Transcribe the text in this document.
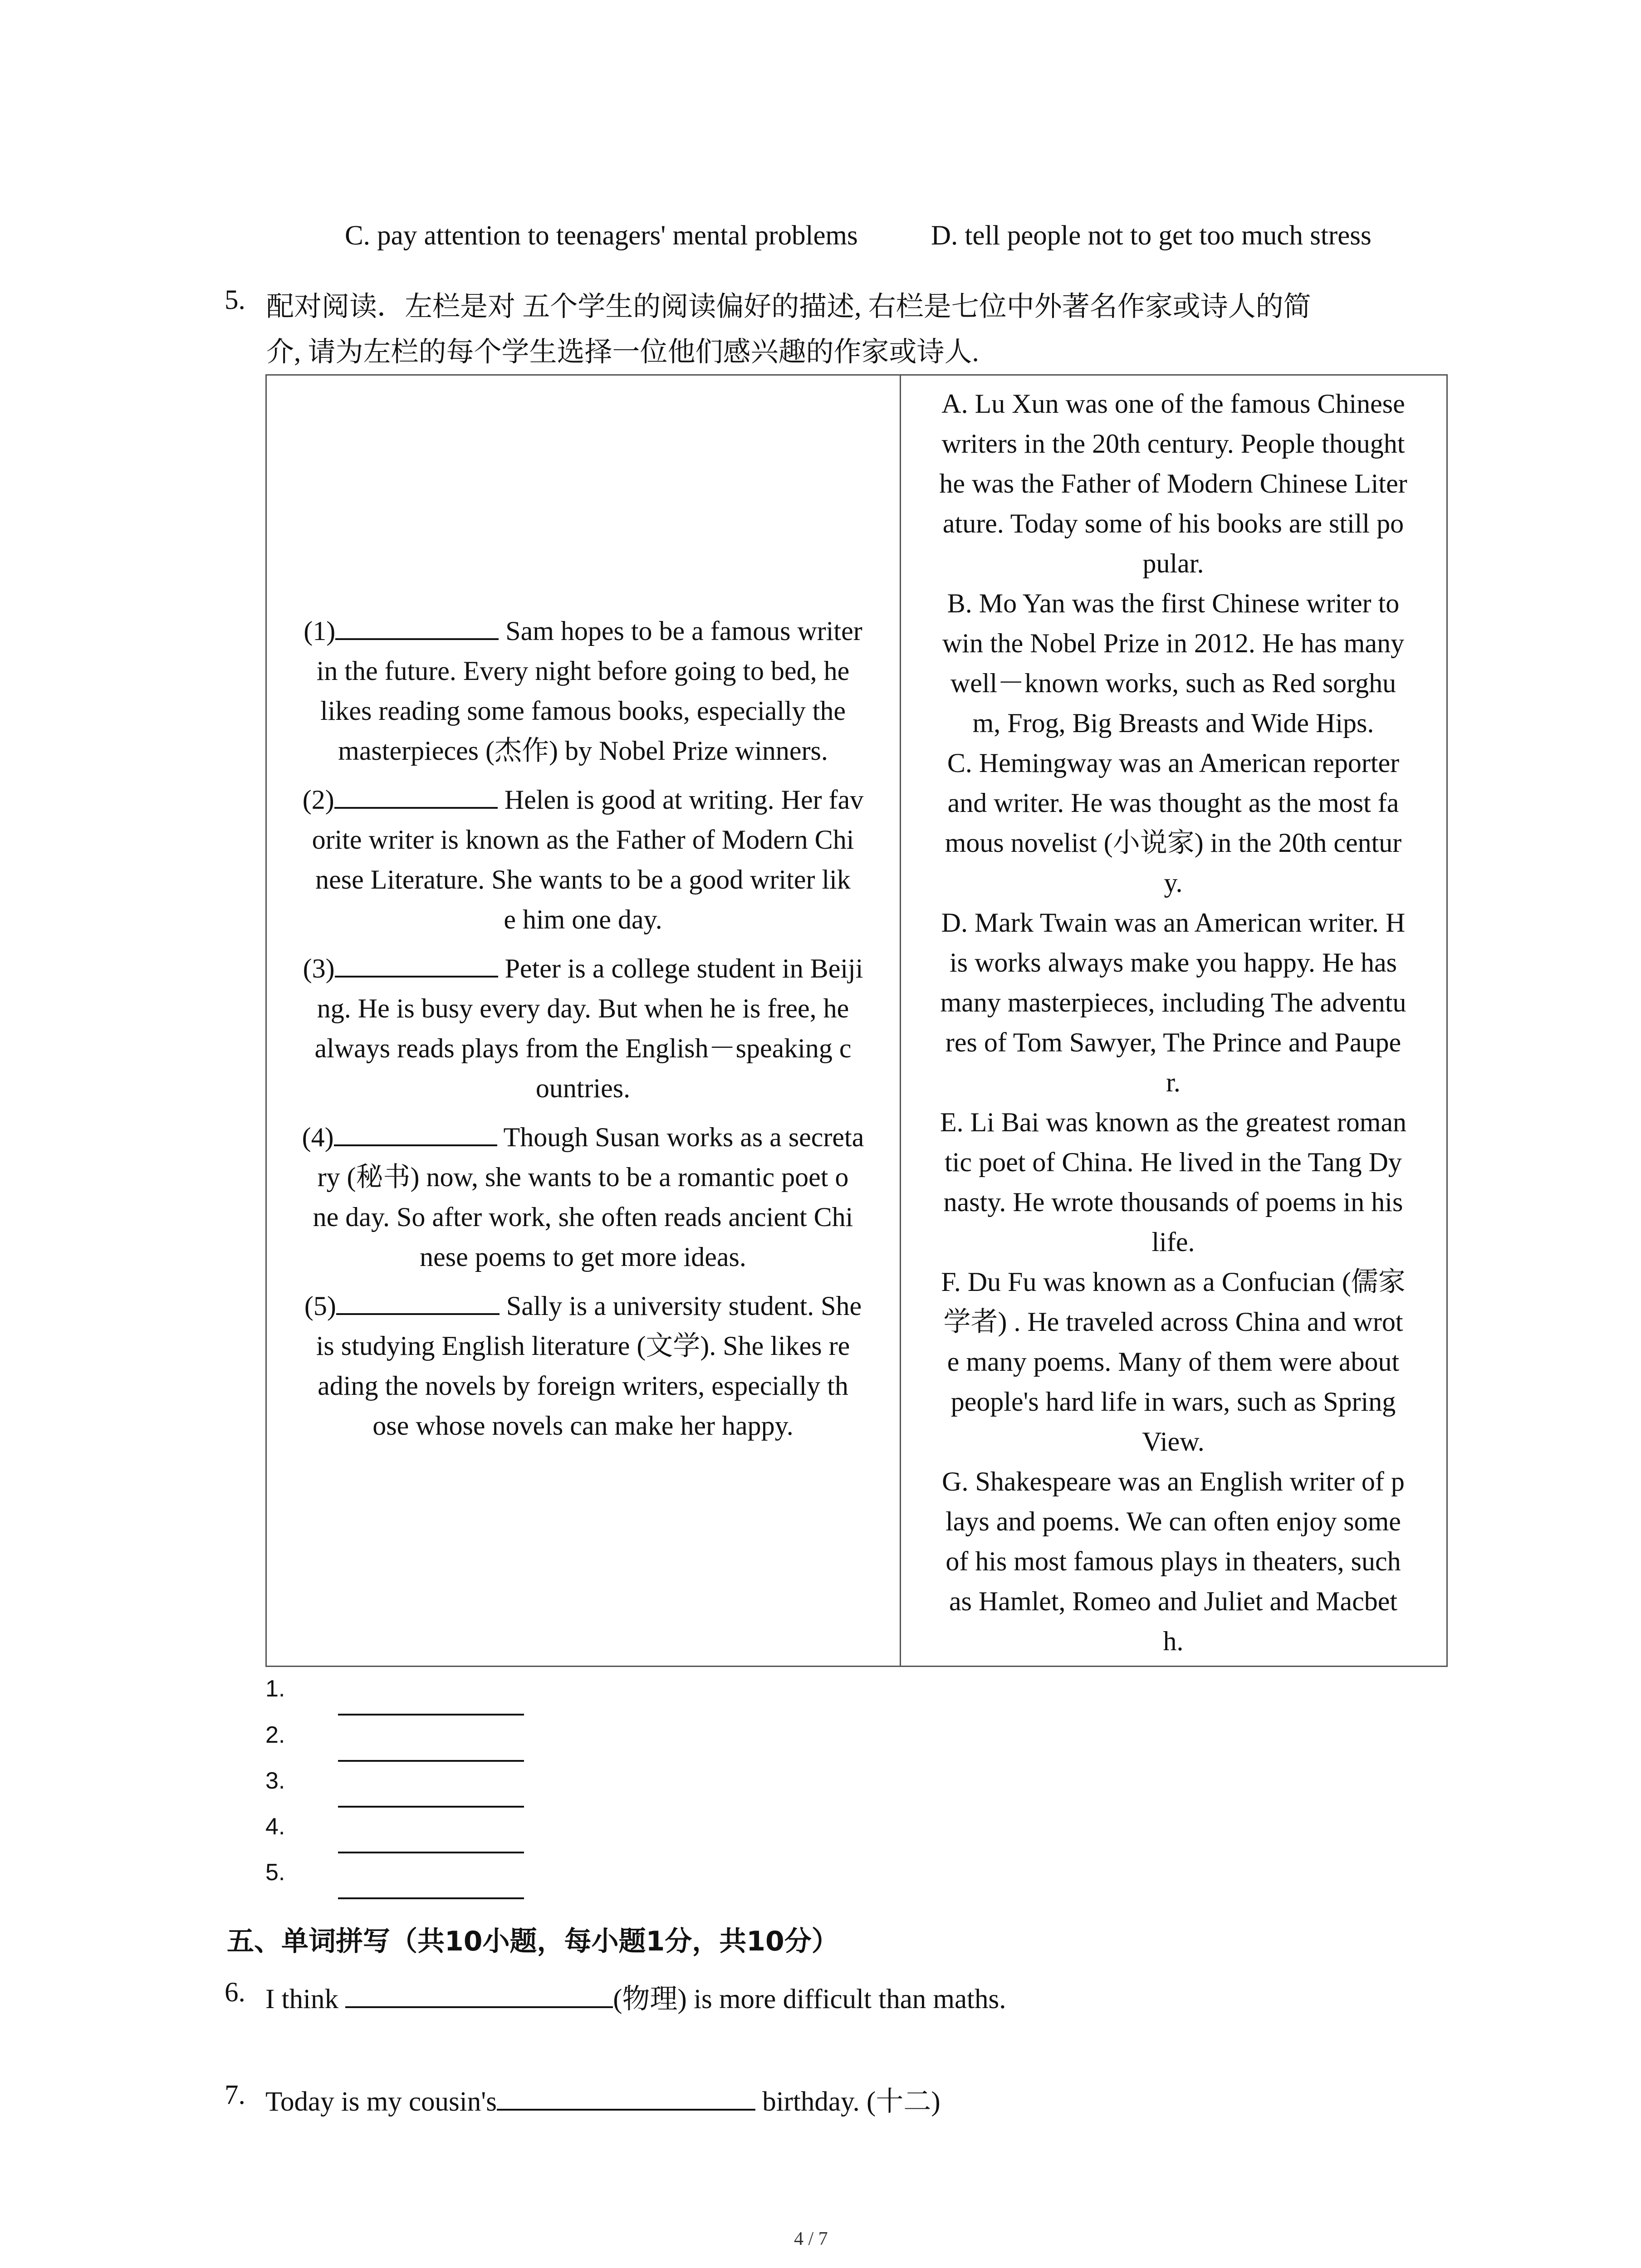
C. pay attention to teenagers' mental problems	D. tell people not to get too much stress
5. 配对阅读．左栏是对 五个学生的阅读偏好的描述, 右栏是七位中外著名作家或诗人的简
介, 请为左栏的每个学生选择一位他们感兴趣的作家或诗人.
(1)	Sam hopes to be a famous writer
in the future. Every night before going to bed, he
likes reading some famous books, especially the
masterpieces (杰作) by Nobel Prize winners.
(2)	Helen is good at writing. Her fav
orite writer is known as the Father of Modern Chi
nese Literature. She wants to be a good writer lik
e him one day.
(3)	Peter is a college student in Beiji
ng. He is busy every day. But when he is free, he
always reads plays from the English－speaking c
ountries.
(4)	Though Susan works as a secreta
ry (秘书) now, she wants to be a romantic poet o
ne day. So after work, she often reads ancient Chi
nese poems to get more ideas.
(5)	Sally is a university student. She
is studying English literature (文学). She likes re
ading the novels by foreign writers, especially th
ose whose novels can make her happy.
A. Lu Xun was one of the famous Chinese
writers in the 20th century. People thought
he was the Father of Modern Chinese Liter
ature. Today some of his books are still po
pular.
B. Mo Yan was the first Chinese writer to
win the Nobel Prize in 2012. He has many
well－known works, such as Red sorghu
m, Frog, Big Breasts and Wide Hips.
C. Hemingway was an American reporter
and writer. He was thought as the most fa
mous novelist (小说家) in the 20th centur
y.
D. Mark Twain was an American writer. H
is works always make you happy. He has
many masterpieces, including The adventu
res of Tom Sawyer, The Prince and Paupe
r.
E. Li Bai was known as the greatest roman
tic poet of China. He lived in the Tang Dy
nasty. He wrote thousands of poems in his
life.
F. Du Fu was known as a Confucian (儒家
学者) . He traveled across China and wrot
e many poems. Many of them were about
people's hard life in wars, such as Spring
View.
G. Shakespeare was an English writer of p
lays and poems. We can often enjoy some
of his most famous plays in theaters, such
as Hamlet, Romeo and Juliet and Macbet
h.
1.
2.
3.
4.
5.
五、单词拼写（共10小题，每小题1分，共10分）
6. I think	(物理) is more difficult than maths.
7. Today is my cousin's	birthday. (十二)
4 / 7
